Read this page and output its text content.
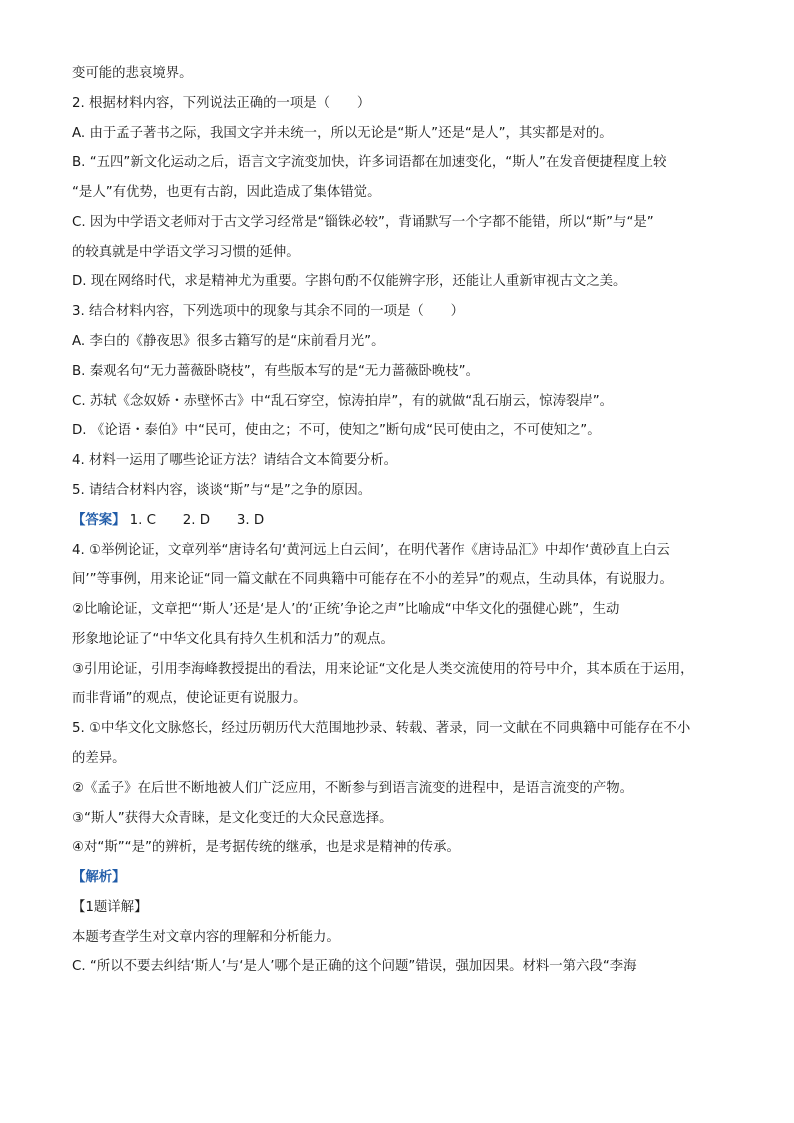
变可能的悲哀境界。
2. 根据材料内容，下列说法正确的一项是（　　）
A. 由于孟子著书之际，我国文字并未统一，所以无论是“斯人”还是“是人”，其实都是对的。
B. “五四”新文化运动之后，语言文字流变加快，许多词语都在加速变化，“斯人”在发音便捷程度上较
“是人”有优势，也更有古韵，因此造成了集体错觉。
C. 因为中学语文老师对于古文学习经常是“锱铢必较”，背诵默写一个字都不能错，所以“斯”与“是”
的较真就是中学语文学习习惯的延伸。
D. 现在网络时代，求是精神尤为重要。字斟句酌不仅能辨字形，还能让人重新审视古文之美。
3. 结合材料内容，下列选项中的现象与其余不同的一项是（　　）
A. 李白的《静夜思》很多古籍写的是“床前看月光”。
B. 秦观名句“无力蔷薇卧晓枝”，有些版本写的是“无力蔷薇卧晚枝”。
C. 苏轼《念奴娇・赤壁怀古》中“乱石穿空，惊涛拍岸”，有的就做“乱石崩云，惊涛裂岸”。
D. 《论语・泰伯》中“民可，使由之；不可，使知之”断句成“民可使由之，不可使知之”。
4. 材料一运用了哪些论证方法？请结合文本简要分析。
5. 请结合材料内容，谈谈“斯”与“是”之争的原因。
【答案】 1. C　　2. D　　3. D
4. ①举例论证，文章列举“唐诗名句‘黄河远上白云间’，在明代著作《唐诗品汇》中却作‘黄砂直上白云
间’”等事例，用来论证“同一篇文献在不同典籍中可能存在不小的差异”的观点，生动具体，有说服力。
②比喻论证，文章把“‘斯人’还是‘是人’的‘正统’争论之声”比喻成“中华文化的强健心跳”，生动
形象地论证了“中华文化具有持久生机和活力”的观点。
③引用论证，引用李海峰教授提出的看法，用来论证“文化是人类交流使用的符号中介，其本质在于运用，
而非背诵”的观点，使论证更有说服力。
5. ①中华文化文脉悠长，经过历朝历代大范围地抄录、转载、著录，同一文献在不同典籍中可能存在不小
的差异。
②《孟子》在后世不断地被人们广泛应用，不断参与到语言流变的进程中，是语言流变的产物。
③“斯人”获得大众青睐，是文化变迁的大众民意选择。
④对“斯”“是”的辨析，是考据传统的继承，也是求是精神的传承。
【解析】
【1题详解】
本题考查学生对文章内容的理解和分析能力。
C. “所以不要去纠结‘斯人’与‘是人’哪个是正确的这个问题”错误，强加因果。材料一第六段“李海
